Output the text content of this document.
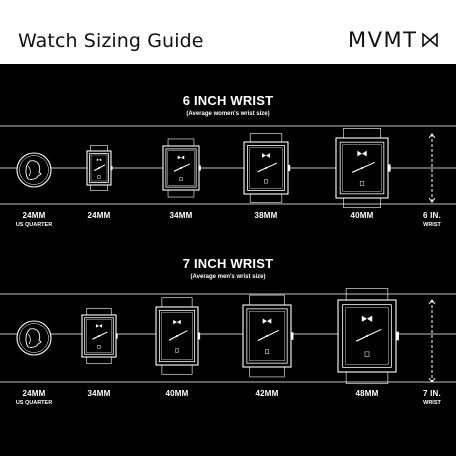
Watch Sizing Guide	MVMT
6 INCH WRIST
(Average women's wrist size)
24MM
US QUARTER
24MM	34MM	38MM	40MM	6 IN.
WRIST
7 INCH WRIST
(Average men's wrist size)
24MM
US QUARTER
34MM	40MM	42MM	48MM	7 IN.
WRIST
